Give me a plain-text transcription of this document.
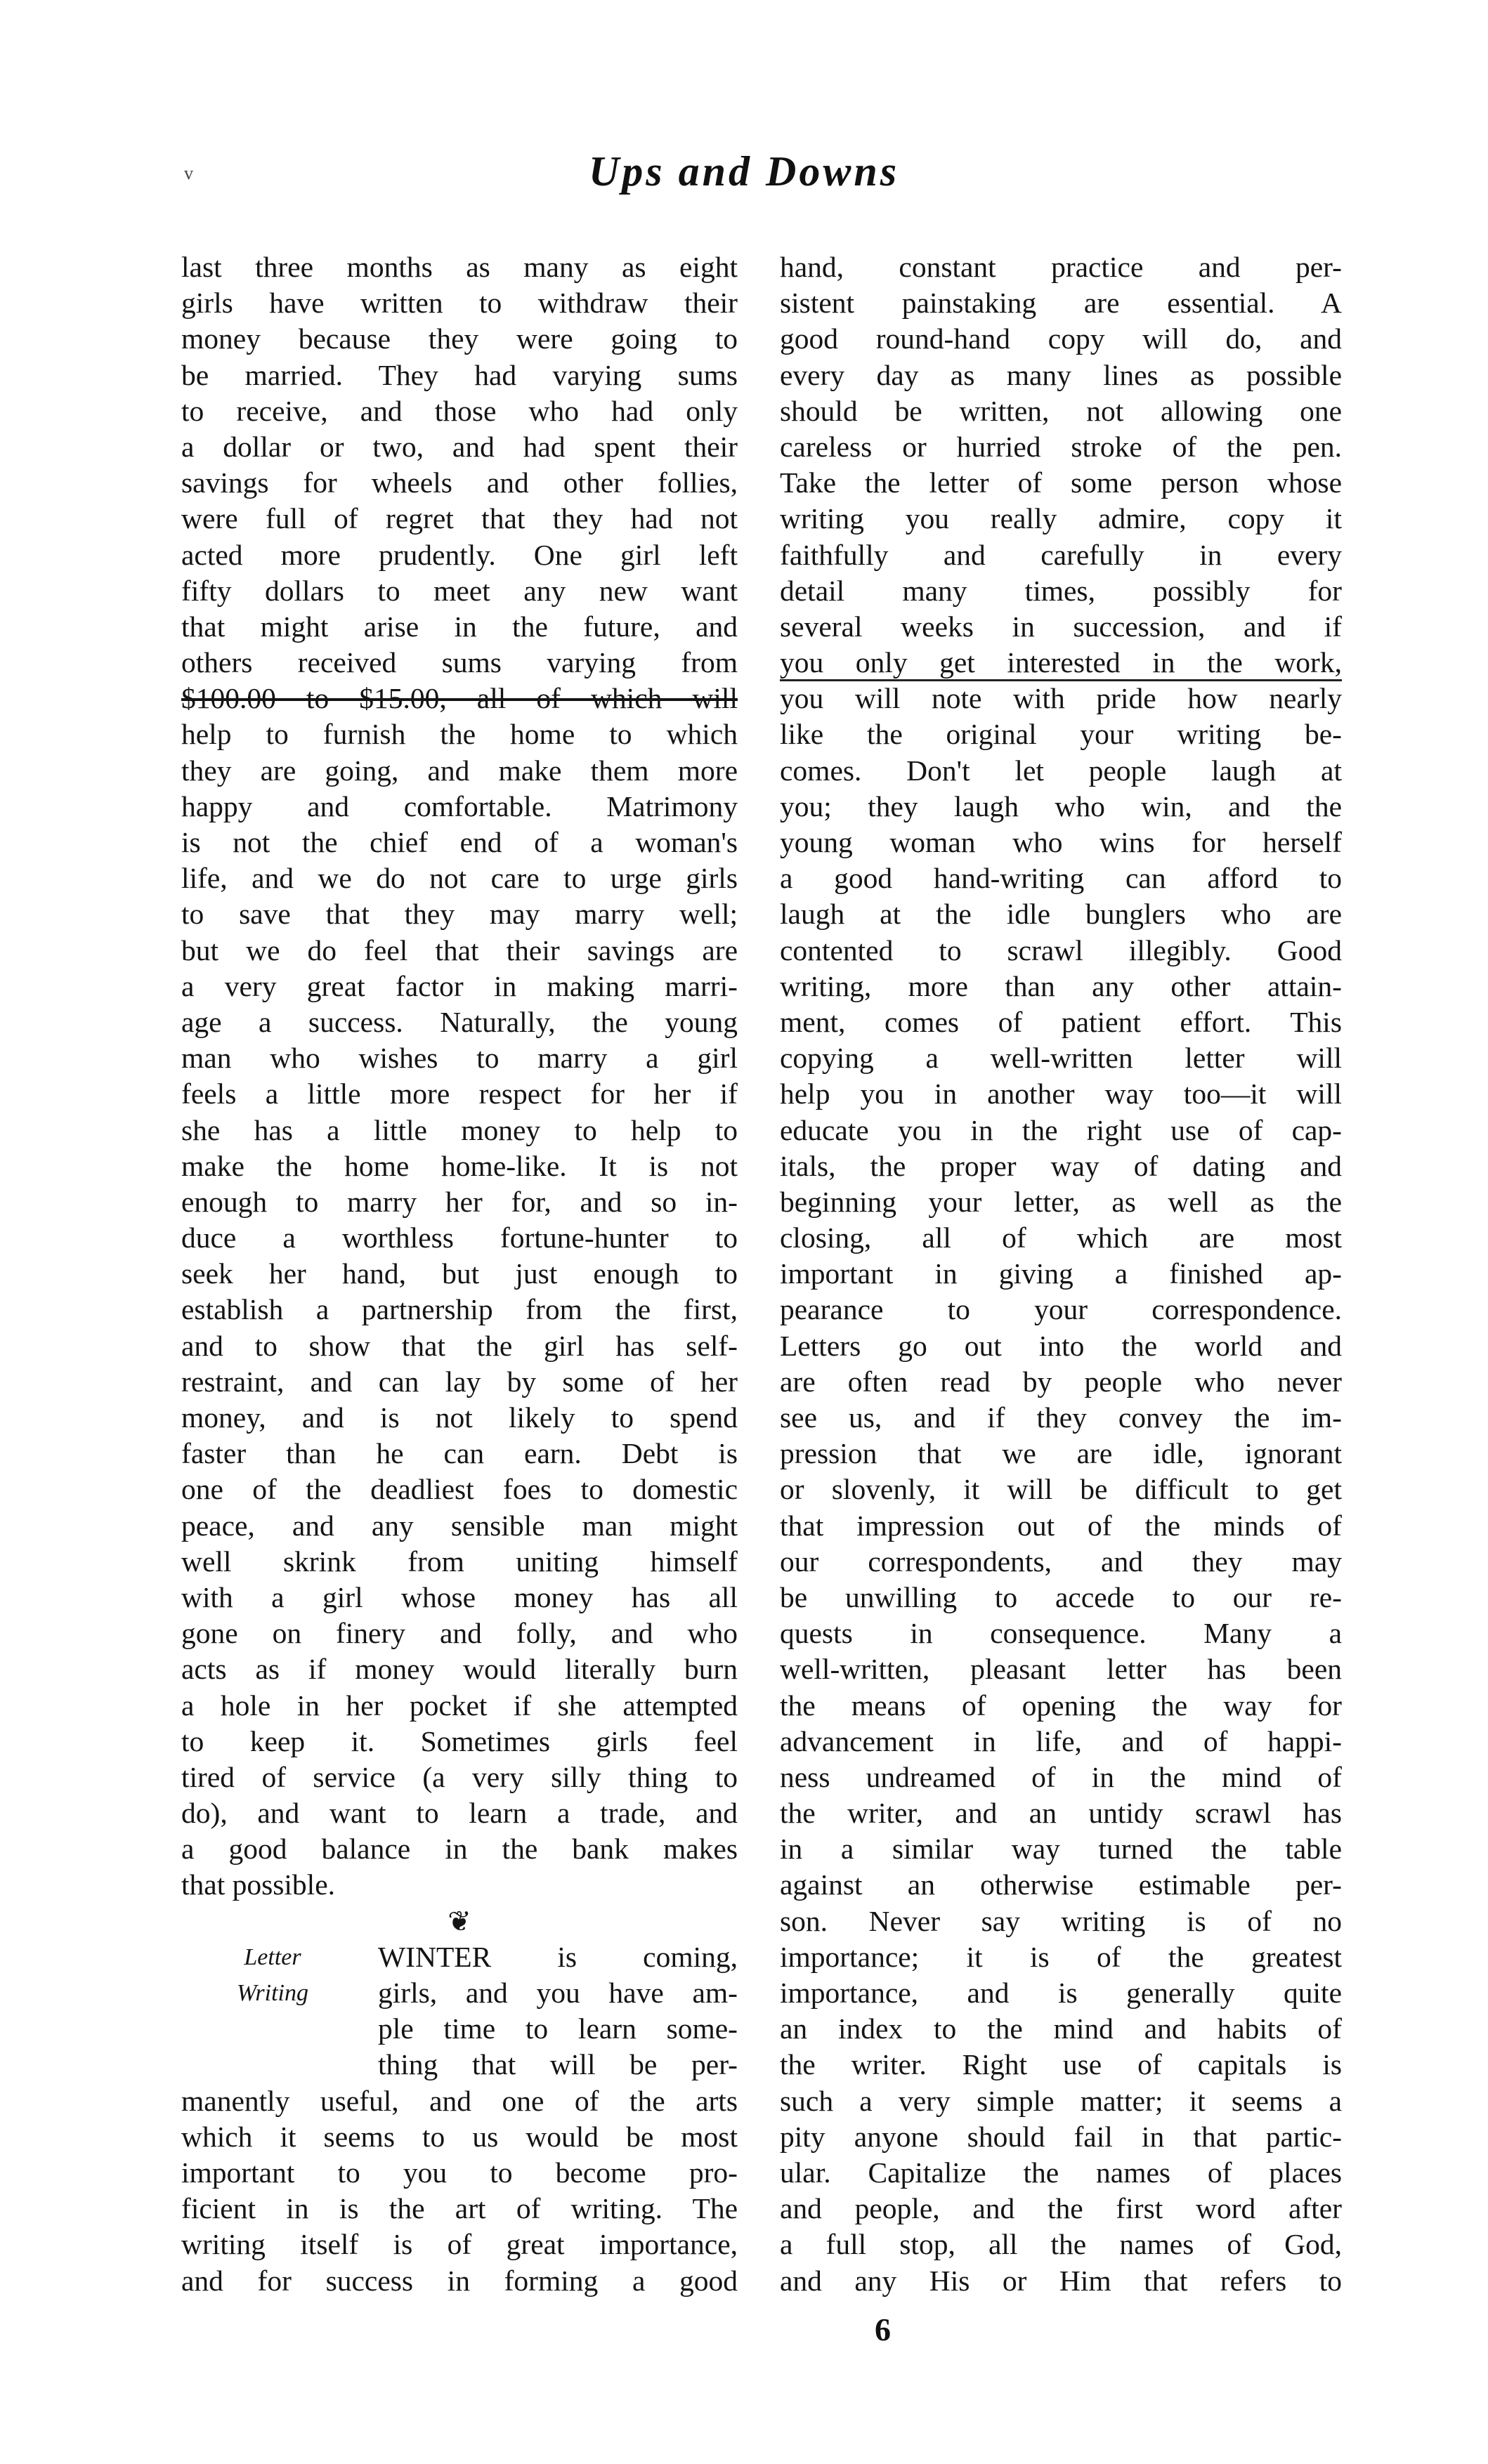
v	Ups and Downs
last three months as many as eight
girls have written to withdraw their
money because they were going to
be married. They had varying sums
to receive, and those who had only
a dollar or two, and had spent their
savings for wheels and other follies,
were full of regret that they had not
acted more prudently. One girl left
fifty dollars to meet any new want
that might arise in the future, and
others received sums varying from
$100.00 to $15.00, all of which will
help to furnish the home to which
they are going, and make them more
happy and comfortable. Matrimony
is not the chief end of a woman's
life, and we do not care to urge girls
to save that they may marry well;
but we do feel that their savings are
a very great factor in making marri-
age a success. Naturally, the young
man who wishes to marry a girl
feels a little more respect for her if
she has a little money to help to
make the home home-like. It is not
enough to marry her for, and so in-
duce a worthless fortune-hunter to
seek her hand, but just enough to
establish a partnership from the first,
and to show that the girl has self-
restraint, and can lay by some of her
money, and is not likely to spend
faster than he can earn. Debt is
one of the deadliest foes to domestic
peace, and any sensible man might
well skrink from uniting himself
with a girl whose money has all
gone on finery and folly, and who
acts as if money would literally burn
a hole in her pocket if she attempted
to keep it. Sometimes girls feel
tired of service (a very silly thing to
do), and want to learn a trade, and
a good balance in the bank makes
that possible.
❦
Letter
Writing
WINTER is coming,
girls, and you have am-
ple time to learn some-
thing that will be per-
manently useful, and one of the arts
which it seems to us would be most
important to you to become pro-
ficient in is the art of writing. The
writing itself is of great importance,
and for success in forming a good
hand, constant practice and per-
sistent painstaking are essential. A
good round-hand copy will do, and
every day as many lines as possible
should be written, not allowing one
careless or hurried stroke of the pen.
Take the letter of some person whose
writing you really admire, copy it
faithfully and carefully in every
detail many times, possibly for
several weeks in succession, and if
you only get interested in the work,
you will note with pride how nearly
like the original your writing be-
comes. Don't let people laugh at
you; they laugh who win, and the
young woman who wins for herself
a good hand-writing can afford to
laugh at the idle bunglers who are
contented to scrawl illegibly. Good
writing, more than any other attain-
ment, comes of patient effort. This
copying a well-written letter will
help you in another way too—it will
educate you in the right use of cap-
itals, the proper way of dating and
beginning your letter, as well as the
closing, all of which are most
important in giving a finished ap-
pearance to your correspondence.
Letters go out into the world and
are often read by people who never
see us, and if they convey the im-
pression that we are idle, ignorant
or slovenly, it will be difficult to get
that impression out of the minds of
our correspondents, and they may
be unwilling to accede to our re-
quests in consequence. Many a
well-written, pleasant letter has been
the means of opening the way for
advancement in life, and of happi-
ness undreamed of in the mind of
the writer, and an untidy scrawl has
in a similar way turned the table
against an otherwise estimable per-
son. Never say writing is of no
importance; it is of the greatest
importance, and is generally quite
an index to the mind and habits of
the writer. Right use of capitals is
such a very simple matter; it seems a
pity anyone should fail in that partic-
ular. Capitalize the names of places
and people, and the first word after
a full stop, all the names of God,
and any His or Him that refers to
6
